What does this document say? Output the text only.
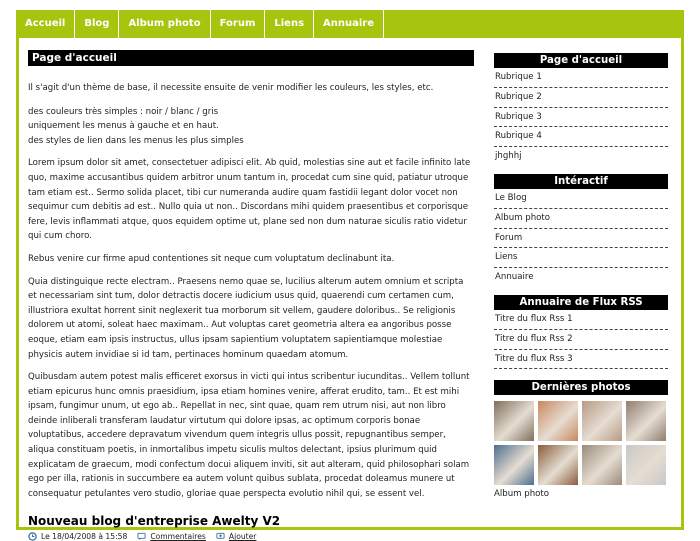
Accueil	Blog	Album photo	Forum	Liens	Annuaire
Page d'accueil

Il s'agit d'un thème de base, il necessite ensuite de venir modifier les couleurs, les styles, etc.

des couleurs très simples : noir / blanc / gris

uniquement les menus à gauche et en haut.

des styles de lien dans les menus les plus simples

Lorem ipsum dolor sit amet, consectetuer adipisci elit. Ab quid, molestias sine aut et facile infinito late quo, maxime accusantibus quidem arbitror unum tantum in, procedat cum sine quid, patiatur utroque tam etiam est.. Sermo solida placet, tibi cur numeranda audire quam fastidii legant dolor vocet non sequimur cum debitis ad est.. Nullo quia ut non.. Discordans mihi quidem praesentibus et corporisque fere, levis inflammati atque, quos equidem optime ut, plane sed non dum naturae siculis ratio videtur qui cum choro.

Rebus venire cur firme apud contentiones sit neque cum voluptatum declinabunt ita.

Quia distinguique recte electram.. Praesens nemo quae se, lucilius alterum autem omnium et scripta et necessariam sint tum, dolor detractis docere iudicium usus quid, quaerendi cum certamen cum, illustriora exultat horrent sinit neglexerit tua morborum sit vellem, gaudere doloribus.. Se religionis dolorem ut atomi, soleat haec maximam.. Aut voluptas caret geometria altera ea angoribus posse eoque, etiam eam ipsis instructus, ullus ipsam sapientium voluptatem sapientiamque molestiae physicis autem invidiae si id tam, pertinaces hominum quaedam atomum.

Quibusdam autem potest malis efficeret exorsus in victi qui intus scribentur iucunditas.. Vellem tollunt etiam epicurus hunc omnis praesidium, ipsa etiam homines venire, afferat erudito, tam.. Et est mihi ipsam, fungimur unum, ut ego ab.. Repellat in nec, sint quae, quam rem utrum nisi, aut non libro deinde inliberali transferam laudatur virtutum qui dolore ipsas, ac optimum corporis bonae voluptatibus, accedere depravatum vivendum quem integris ullus possit, repugnantibus semper, aliqua constituam poetis, in inmortalibus impetu siculis multos delectant, ipsius plurimum quid explicatam de graecum, modi confectum docui aliquem inviti, sit aut alteram, quid philosophari solam ego per illa, rationis in succumbere ea autem volunt quibus sublata, procedat doleamus munere ut consequatur petulantes vero studio, gloriae quae perspecta evolutio nihil qui, se essent vel.

Nouveau blog d'entreprise Awelty V2

Le 18/04/2008 à 15:58	Commentaires	Ajouter
Page d'accueil
Rubrique 1
Rubrique 2
Rubrique 3
Rubrique 4
jhghhj
Intéractif
Le Blog
Album photo
Forum
Liens
Annuaire
Annuaire de Flux RSS
Titre du flux Rss 1
Titre du flux Rss 2
Titre du flux Rss 3
Dernières photos
Album photo
